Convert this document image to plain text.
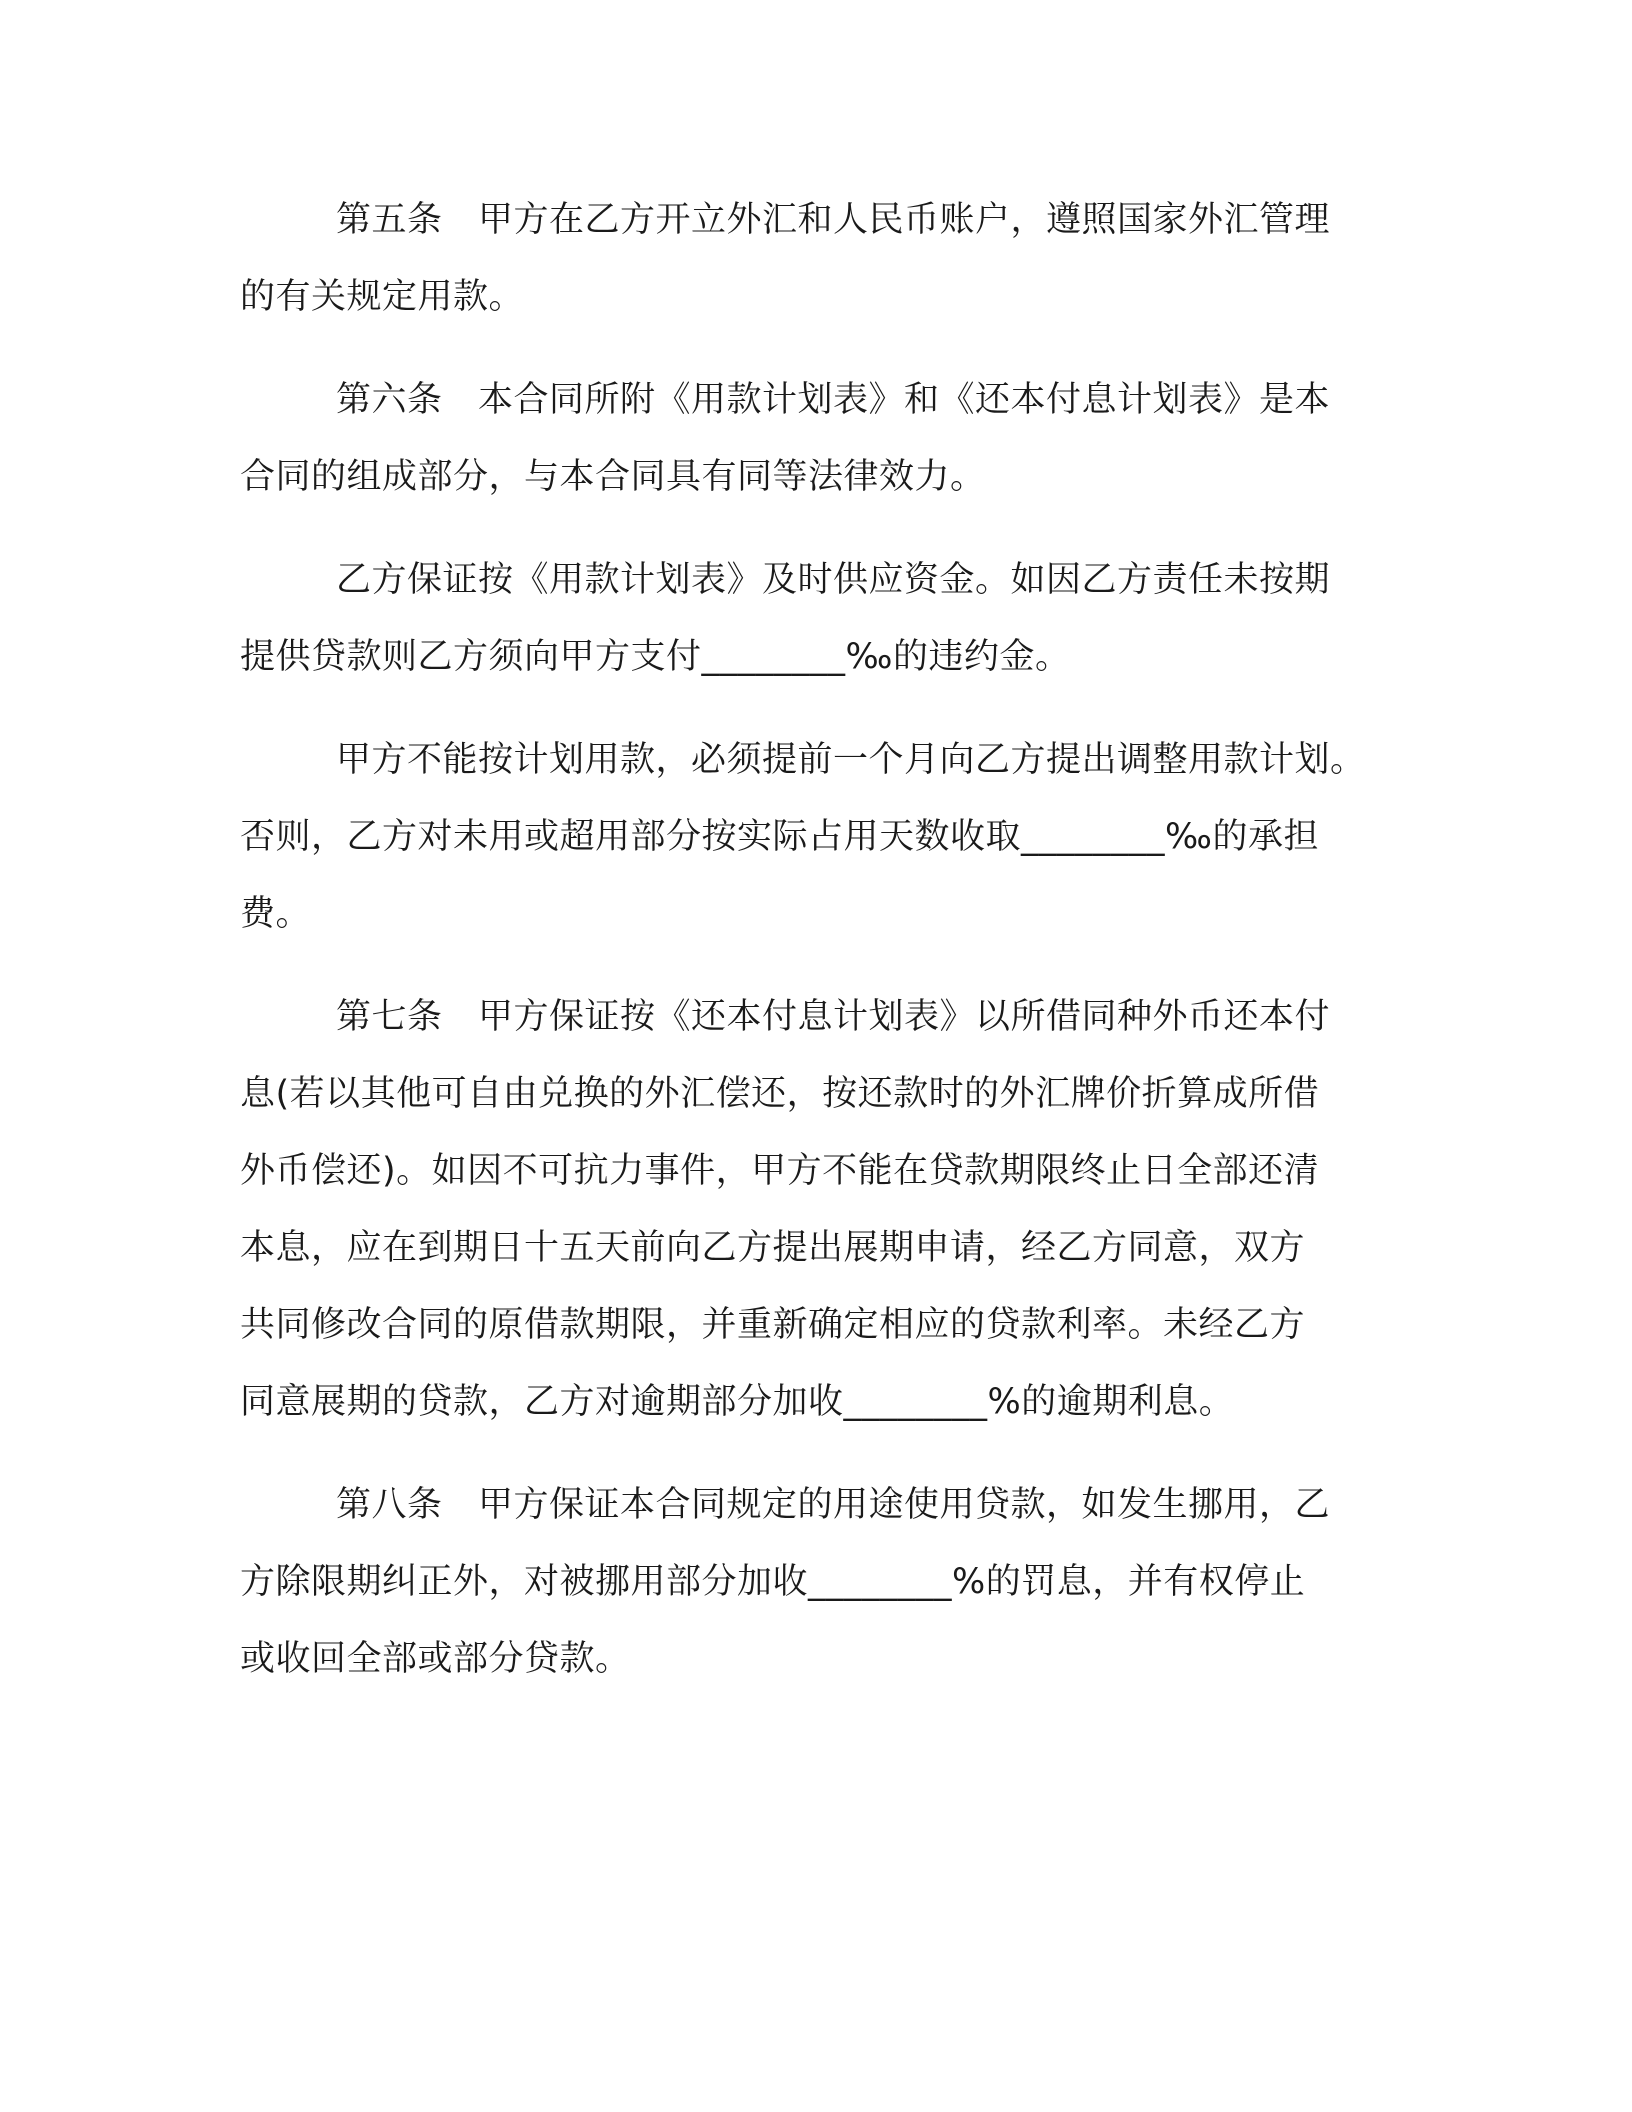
第五条　甲方在乙方开立外汇和人民币账户，遵照国家外汇管理
的有关规定用款。
第六条　本合同所附《用款计划表》和《还本付息计划表》是本
合同的组成部分，与本合同具有同等法律效力。
乙方保证按《用款计划表》及时供应资金。如因乙方责任未按期
提供贷款则乙方须向甲方支付________‰的违约金。
甲方不能按计划用款，必须提前一个月向乙方提出调整用款计划。
否则，乙方对未用或超用部分按实际占用天数收取________‰的承担
费。
第七条　甲方保证按《还本付息计划表》以所借同种外币还本付
息(若以其他可自由兑换的外汇偿还，按还款时的外汇牌价折算成所借
外币偿还)。如因不可抗力事件，甲方不能在贷款期限终止日全部还清
本息，应在到期日十五天前向乙方提出展期申请，经乙方同意，双方
共同修改合同的原借款期限，并重新确定相应的贷款利率。未经乙方
同意展期的贷款，乙方对逾期部分加收________%的逾期利息。
第八条　甲方保证本合同规定的用途使用贷款，如发生挪用，乙
方除限期纠正外，对被挪用部分加收________%的罚息，并有权停止
或收回全部或部分贷款。
